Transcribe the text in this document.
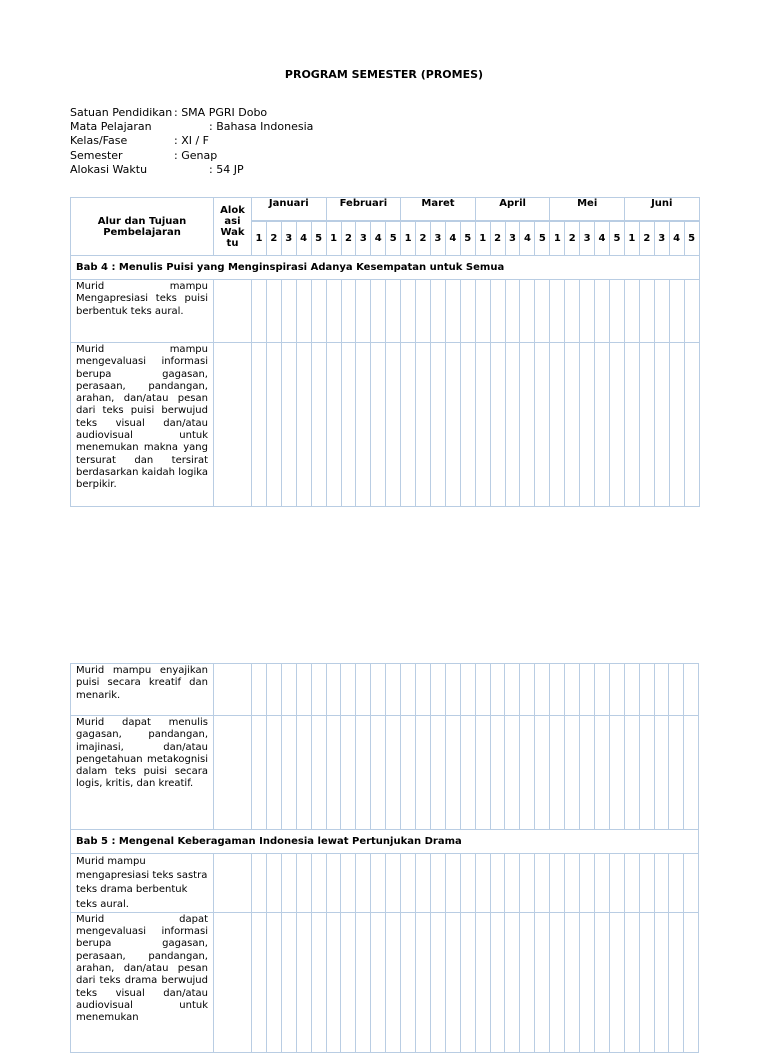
PROGRAM SEMESTER (PROMES)
Satuan Pendidikan : SMA PGRI Dobo
Mata Pelajaran	: Bahasa Indonesia
Kelas/Fase	: XI / F
Semester	: Genap
Alokasi Waktu	: 54 JP
Alur dan Tujuan Pembelajaran	Alok asi Wak tu	Januari					Februari					Maret					April					Mei					Juni				
		1	2	3	4	5	1	2	3	4	5	1	2	3	4	5	1	2	3	4	5	1	2	3	4	5	1	2	3	4	5
Bab 4 : Menulis Puisi yang Menginspirasi Adanya Kesempatan untuk Semua																															
Murid mampu Mengapresiasi teks puisi berbentuk teks aural.																															
Murid mampu mengevaluasi informasi berupa gagasan, perasaan, pandangan, arahan, dan/atau pesan dari teks puisi berwujud teks visual dan/atau audiovisual untuk menemukan makna yang tersurat dan tersirat berdasarkan kaidah logika berpikir.																															
Murid mampu enyajikan puisi secara kreatif dan menarik.																															
Murid dapat menulis gagasan, pandangan, imajinasi, dan/atau pengetahuan metakognisi dalam teks puisi secara logis, kritis, dan kreatif.																															
Bab 5 : Mengenal Keberagaman Indonesia lewat Pertunjukan Drama																															
Murid mampu mengapresiasi teks sastra teks drama berbentuk teks aural.																															
Murid dapat mengevaluasi informasi berupa gagasan, perasaan, pandangan, arahan, dan/atau pesan dari teks drama berwujud teks visual dan/atau audiovisual untuk menemukan																															
